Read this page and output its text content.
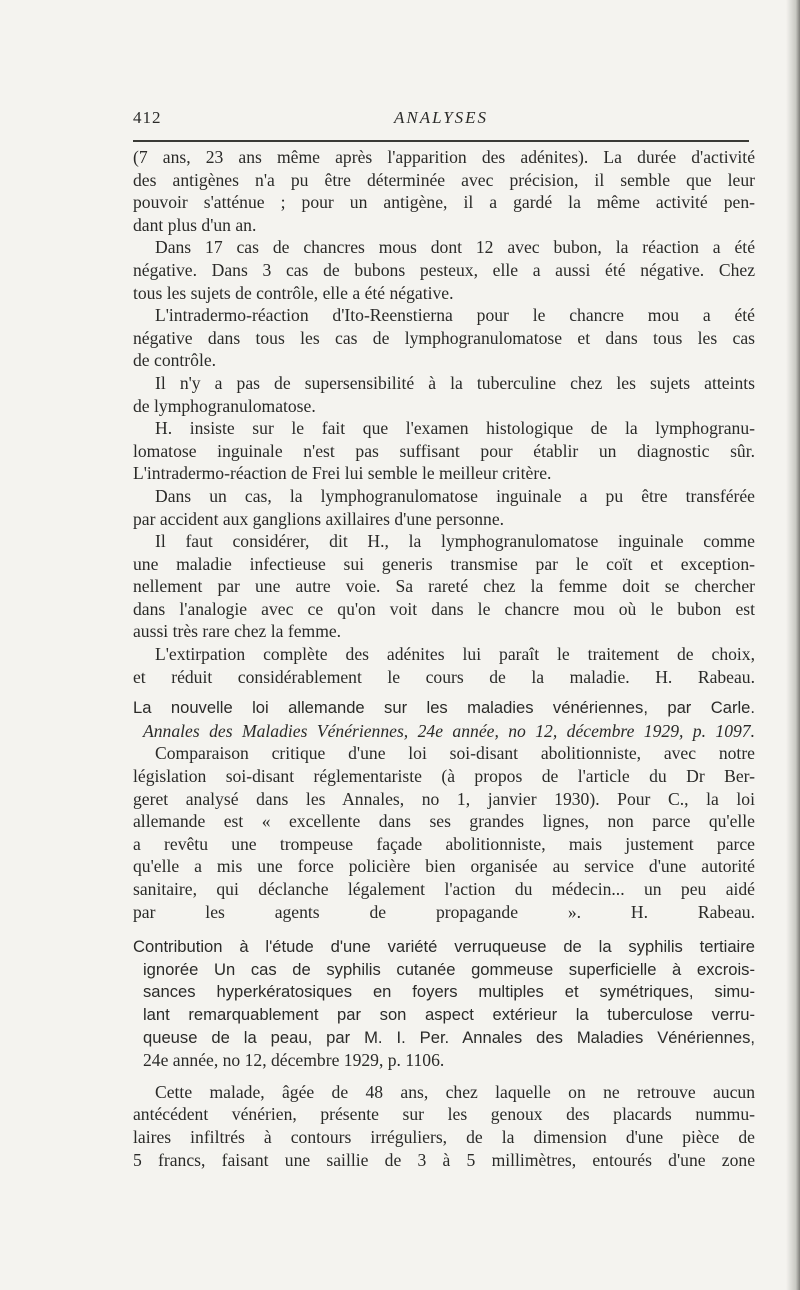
412	ANALYSES
(7 ans, 23 ans même après l'apparition des adénites). La durée d'activité
des antigènes n'a pu être déterminée avec précision, il semble que leur
pouvoir s'atténue ; pour un antigène, il a gardé la même activité pen-
dant plus d'un an.
Dans 17 cas de chancres mous dont 12 avec bubon, la réaction a été
négative. Dans 3 cas de bubons pesteux, elle a aussi été négative. Chez
tous les sujets de contrôle, elle a été négative.
L'intradermo-réaction d'Ito-Reenstierna pour le chancre mou a été
négative dans tous les cas de lymphogranulomatose et dans tous les cas
de contrôle.
Il n'y a pas de supersensibilité à la tuberculine chez les sujets atteints
de lymphogranulomatose.
H. insiste sur le fait que l'examen histologique de la lymphogranu-
lomatose inguinale n'est pas suffisant pour établir un diagnostic sûr.
L'intradermo-réaction de Frei lui semble le meilleur critère.
Dans un cas, la lymphogranulomatose inguinale a pu être transférée
par accident aux ganglions axillaires d'une personne.
Il faut considérer, dit H., la lymphogranulomatose inguinale comme
une maladie infectieuse sui generis transmise par le coït et exception-
nellement par une autre voie. Sa rareté chez la femme doit se chercher
dans l'analogie avec ce qu'on voit dans le chancre mou où le bubon est
aussi très rare chez la femme.
L'extirpation complète des adénites lui paraît le traitement de choix,
et réduit considérablement le cours de la maladie. H. Rabeau.
La nouvelle loi allemande sur les maladies vénériennes, par Carle.
Annales des Maladies Vénériennes, 24e année, no 12, décembre 1929, p. 1097.
Comparaison critique d'une loi soi-disant abolitionniste, avec notre
législation soi-disant réglementariste (à propos de l'article du Dr Ber-
geret analysé dans les Annales, no 1, janvier 1930). Pour C., la loi
allemande est « excellente dans ses grandes lignes, non parce qu'elle
a revêtu une trompeuse façade abolitionniste, mais justement parce
qu'elle a mis une force policière bien organisée au service d'une autorité
sanitaire, qui déclanche légalement l'action du médecin... un peu aidé
par les agents de propagande ». H. Rabeau.
Contribution à l'étude d'une variété verruqueuse de la syphilis tertiaire
ignorée Un cas de syphilis cutanée gommeuse superficielle à excrois-
sances hyperkératosiques en foyers multiples et symétriques, simu-
lant remarquablement par son aspect extérieur la tuberculose verru-
queuse de la peau, par M. I. Per. Annales des Maladies Vénériennes,
24e année, no 12, décembre 1929, p. 1106.
Cette malade, âgée de 48 ans, chez laquelle on ne retrouve aucun
antécédent vénérien, présente sur les genoux des placards nummu-
laires infiltrés à contours irréguliers, de la dimension d'une pièce de
5 francs, faisant une saillie de 3 à 5 millimètres, entourés d'une zone
